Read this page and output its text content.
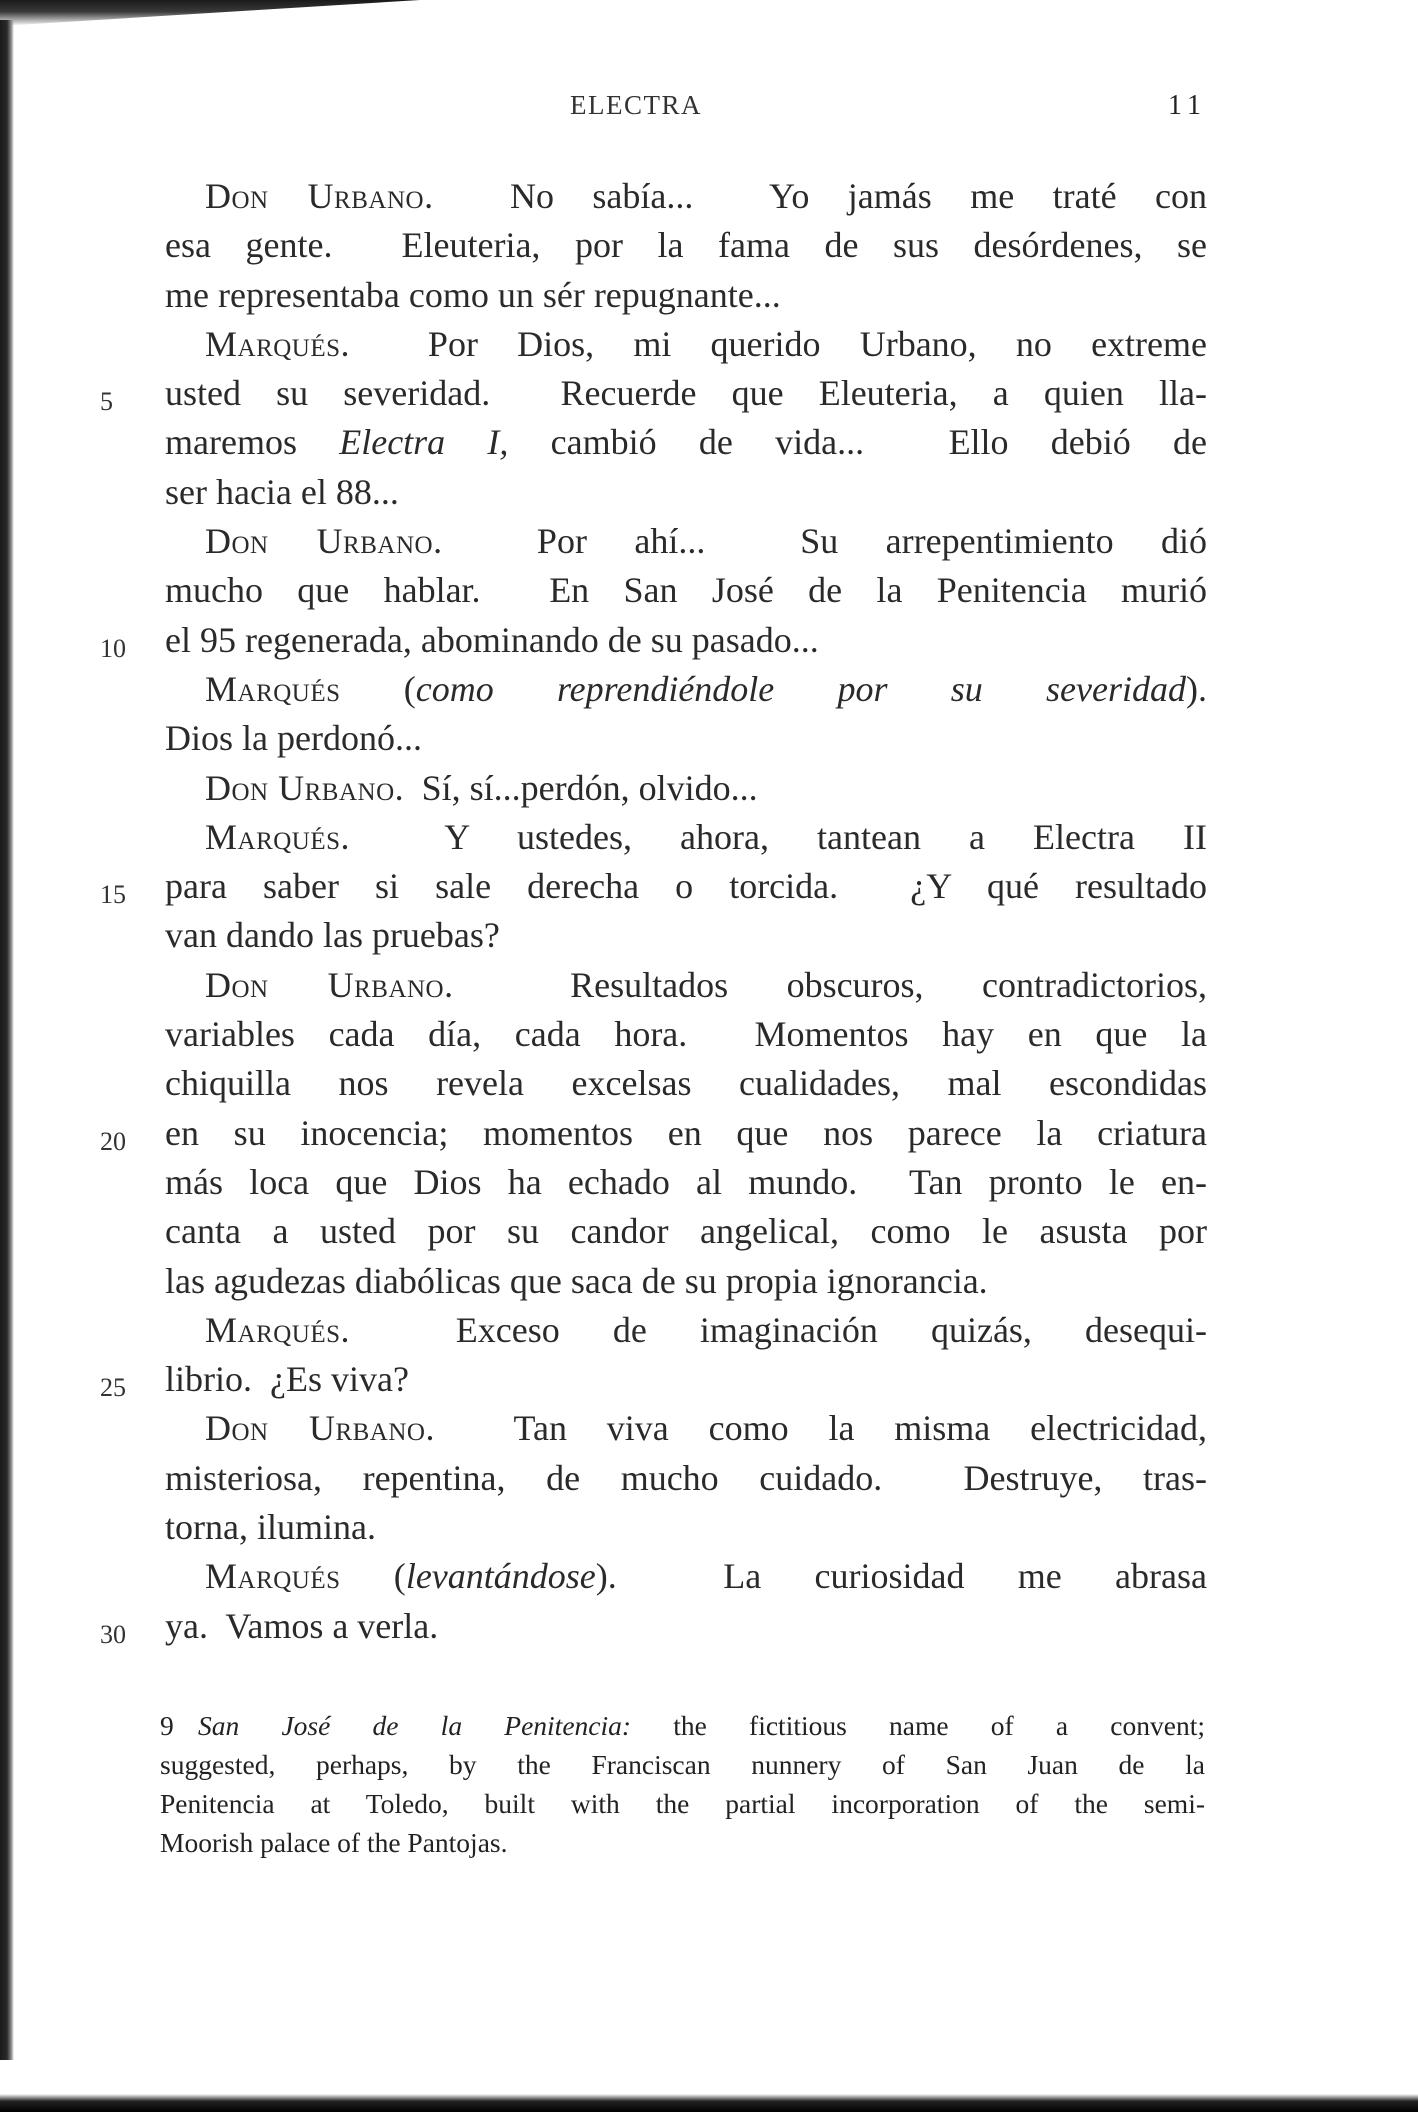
ELECTRA	11
Don Urbano.  No sabía...  Yo jamás me traté con
esa gente.  Eleuteria, por la fama de sus desórdenes, se
me representaba como un sér repugnante...
Marqués.  Por Dios, mi querido Urbano, no extreme
5	usted su severidad.  Recuerde que Eleuteria, a quien lla-
maremos Electra I, cambió de vida...  Ello debió de
ser hacia el 88...
Don Urbano.  Por ahí...  Su arrepentimiento dió
mucho que hablar.  En San José de la Penitencia murió
10	el 95 regenerada, abominando de su pasado...
Marqués (como reprendiéndole por su severidad).
Dios la perdonó...
Don Urbano.  Sí, sí...perdón, olvido...
Marqués.  Y ustedes, ahora, tantean a Electra II
15	para saber si sale derecha o torcida.  ¿Y qué resultado
van dando las pruebas?
Don Urbano.  Resultados obscuros, contradictorios,
variables cada día, cada hora.  Momentos hay en que la
chiquilla nos revela excelsas cualidades, mal escondidas
20	en su inocencia; momentos en que nos parece la criatura
más loca que Dios ha echado al mundo.  Tan pronto le en-
canta a usted por su candor angelical, como le asusta por
las agudezas diabólicas que saca de su propia ignorancia.
Marqués.  Exceso de imaginación quizás, desequi-
25	librio.  ¿Es viva?
Don Urbano.  Tan viva como la misma electricidad,
misteriosa, repentina, de mucho cuidado.  Destruye, tras-
torna, ilumina.
Marqués (levantándose).  La curiosidad me abrasa
30	ya.  Vamos a verla.
9 San José de la Penitencia: the fictitious name of a convent;
suggested, perhaps, by the Franciscan nunnery of San Juan de la
Penitencia at Toledo, built with the partial incorporation of the semi-
Moorish palace of the Pantojas.
